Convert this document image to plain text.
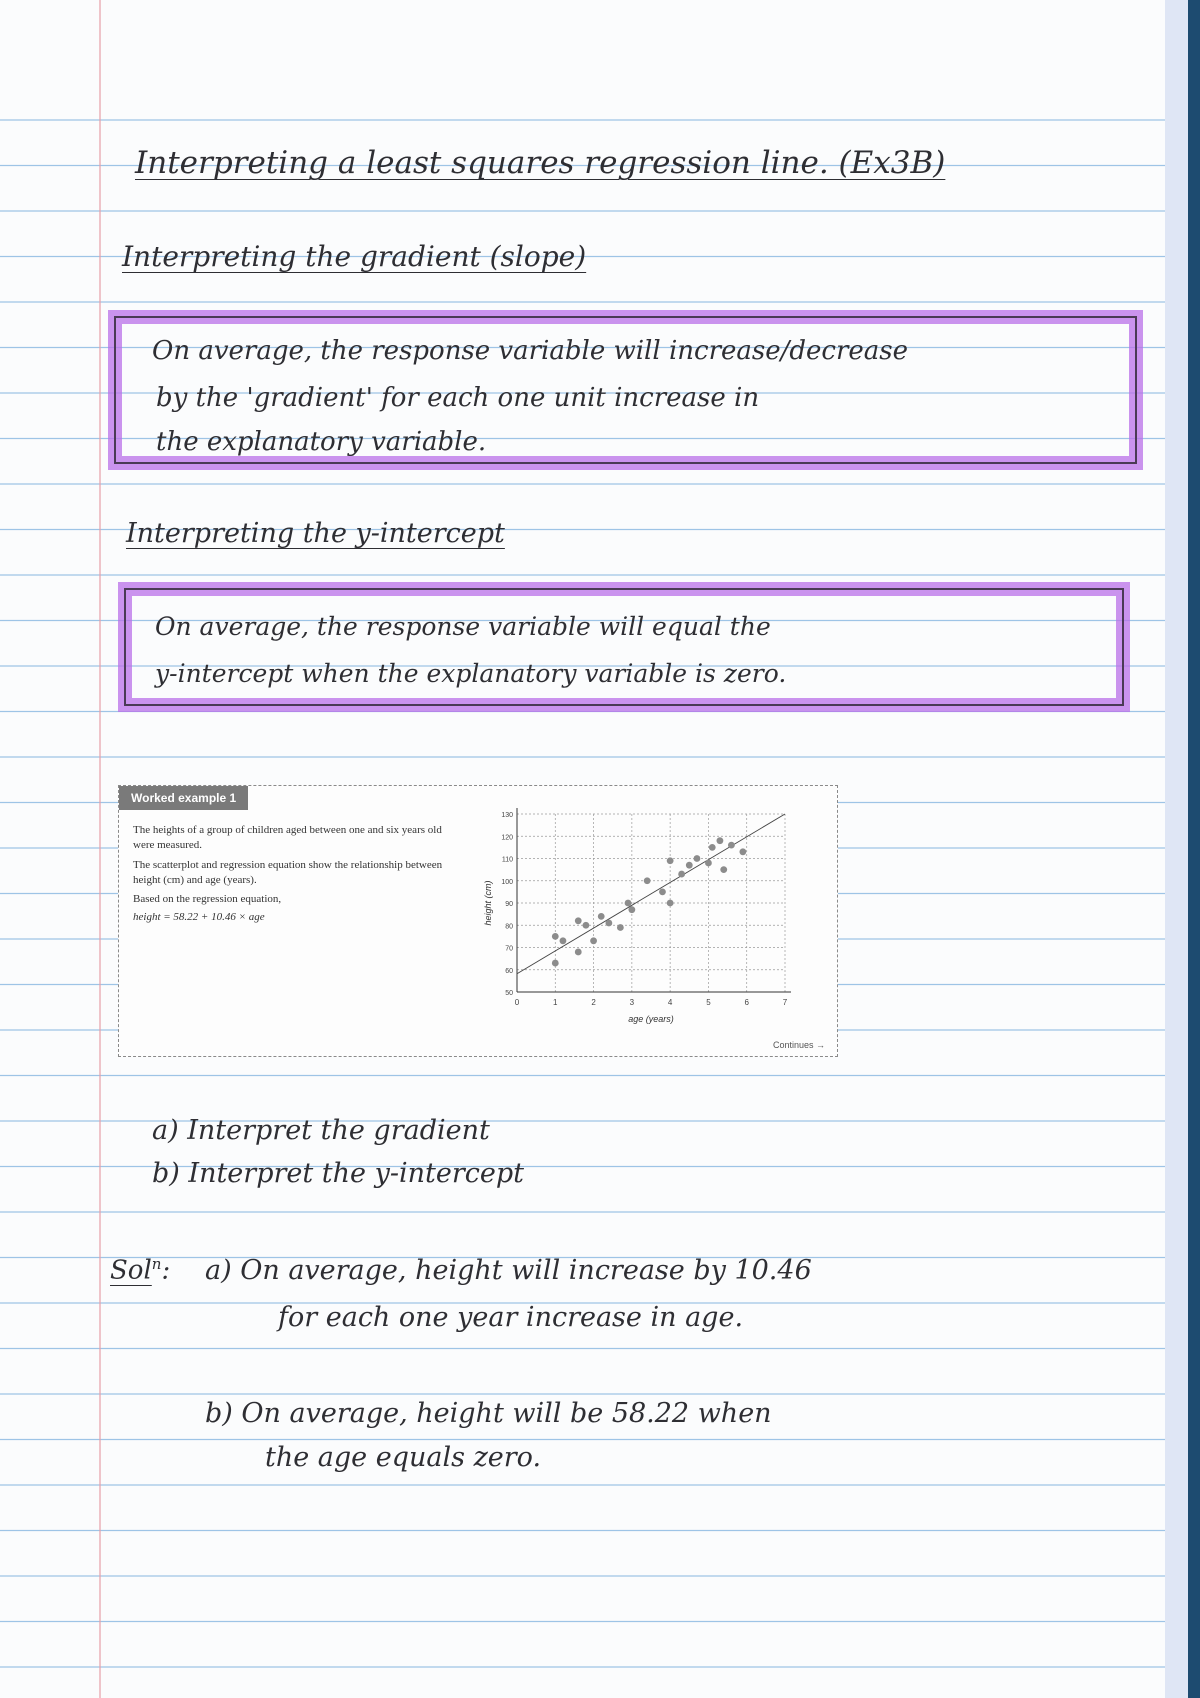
Interpreting a least squares regression line. (Ex3B)
Interpreting the gradient (slope)
On average, the response variable will increase/decrease
by the 'gradient' for each one unit increase in
the explanatory variable.
Interpreting the y-intercept
On average, the response variable will equal the
y-intercept when the explanatory variable is zero.
Worked example 1
The heights of a group of children aged between one and six years old were measured.
The scatterplot and regression equation show the relationship between height (cm) and age (years).
Based on the regression equation,
height = 58.22 + 10.46 × age
0	1	2	3	4	5	6	7
50
60
70
80
90
100
110
120
130
age (years)
height (cm)
Continues →
a) Interpret the gradient
b) Interpret the y-intercept
Sol$^n$: a) On average, height will increase by 10.46
for each one year increase in age.
b) On average, height will be 58.22 when
the age equals zero.
